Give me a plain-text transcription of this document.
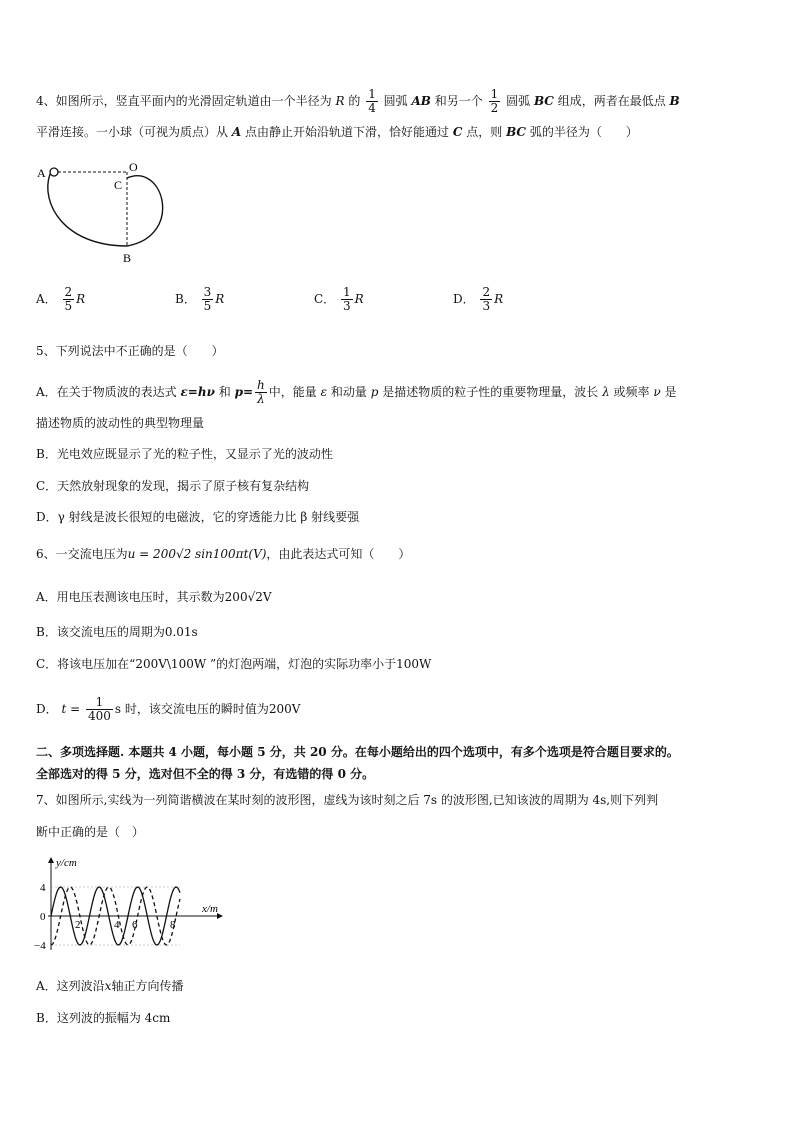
4、如图所示，竖直平面内的光滑固定轨道由一个半径为 R 的 $\frac{1}{4}$ 圆弧 AB 和另一个 $\frac{1}{2}$ 圆弧 BC 组成，两者在最低点 B
平滑连接。一小球（可视为质点）从 A 点由静止开始沿轨道下滑，恰好能通过 C 点，则 BC 弧的半径为（　　）
A	O
C
B
A． $\frac{2}{5}$ R	B． $\frac{3}{5}$ R	C． $\frac{1}{3}$ R	D． $\frac{2}{3}$ R
5、下列说法中不正确的是（　　）
A．在关于物质波的表达式 ε=hν 和 $p= \frac{h}{\lambda}$ 中，能量 ε 和动量 p 是描述物质的粒子性的重要物理量，波长 λ 或频率 ν 是
描述物质的波动性的典型物理量
B．光电效应既显示了光的粒子性，又显示了光的波动性
C．天然放射现象的发现，揭示了原子核有复杂结构
D．γ 射线是波长很短的电磁波，它的穿透能力比 β 射线要强
6、一交流电压为u = 200√2 sin100πt(V)，由此表达式可知（　　）
A．用电压表测该电压时，其示数为200√2V
B．该交流电压的周期为0.01s
C．将该电压加在“200V\100W ”的灯泡两端，灯泡的实际功率小于100W
D． $t = \frac{1}{400}$ s 时，该交流电压的瞬时值为200V
二、多项选择题. 本题共 4 小题，每小题 5 分，共 20 分。在每小题给出的四个选项中，有多个选项是符合题目要求的。
全部选对的得 5 分，选对但不全的得 3 分，有选错的得 0 分。
7、如图所示,实线为一列简谐横波在某时刻的波形图，虚线为该时刻之后 7s 的波形图,已知该波的周期为 4s,则下列判
断中正确的是（　）
y/cm
x/m
4
0
−4
2	4 6	8
A．这列波沿x轴正方向传播
B．这列波的振幅为 4cm
